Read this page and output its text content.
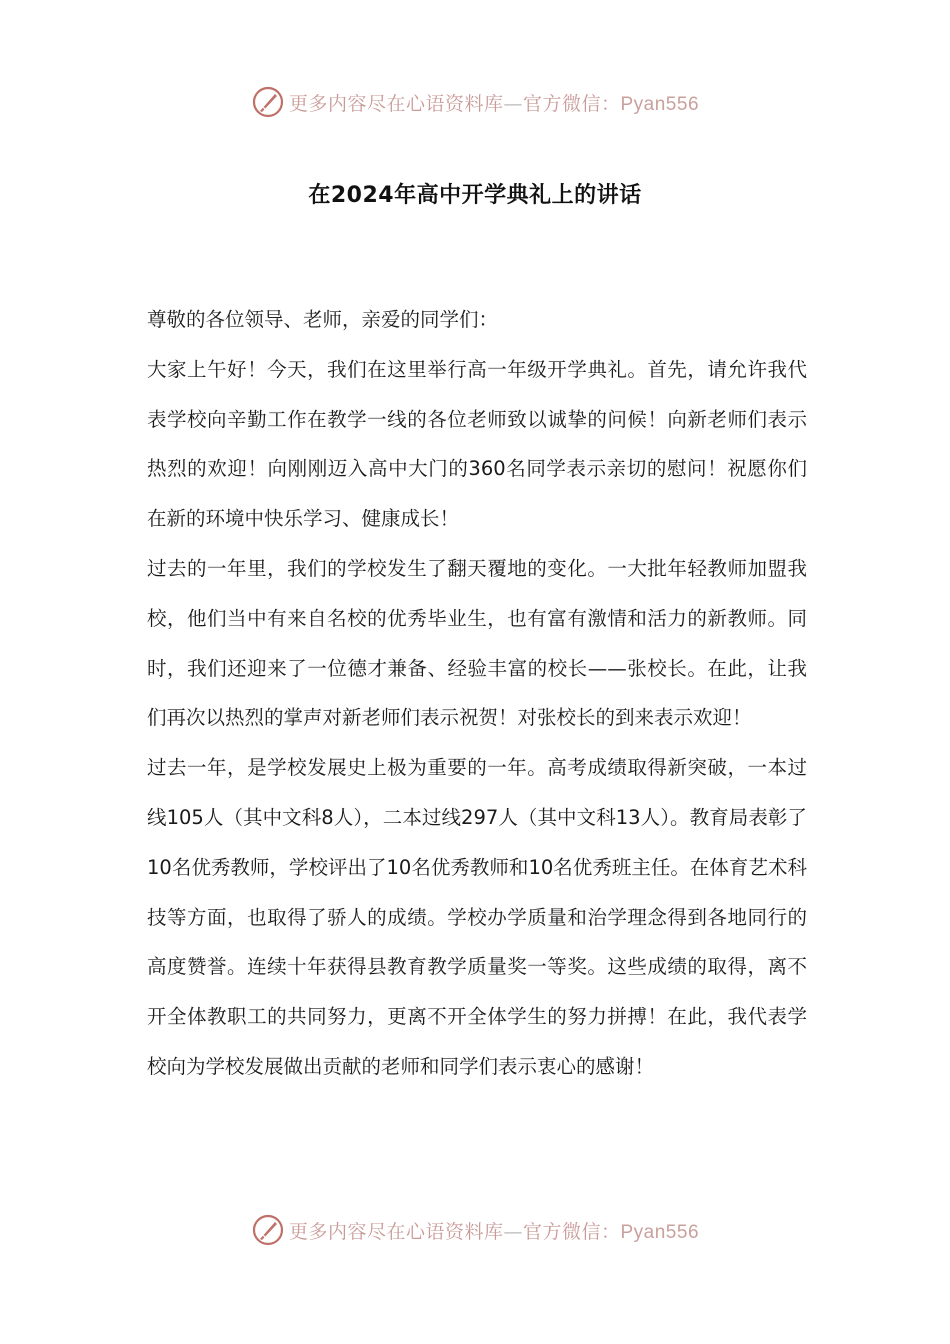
更多内容尽在心语资料库—官方微信：Pyan556
在2024年高中开学典礼上的讲话

尊敬的各位领导、老师，亲爱的同学们：

大家上午好！今天，我们在这里举行高一年级开学典礼。首先，请允许我代表学校向辛勤工作在教学一线的各位老师致以诚挚的问候！向新老师们表示热烈的欢迎！向刚刚迈入高中大门的360名同学表示亲切的慰问！祝愿你们在新的环境中快乐学习、健康成长！

过去的一年里，我们的学校发生了翻天覆地的变化。一大批年轻教师加盟我校，他们当中有来自名校的优秀毕业生，也有富有激情和活力的新教师。同时，我们还迎来了一位德才兼备、经验丰富的校长——张校长。在此，让我们再次以热烈的掌声对新老师们表示祝贺！对张校长的到来表示欢迎！

过去一年，是学校发展史上极为重要的一年。高考成绩取得新突破，一本过线105人（其中文科8人），二本过线297人（其中文科13人）。教育局表彰了10名优秀教师，学校评出了10名优秀教师和10名优秀班主任。在体育艺术科技等方面，也取得了骄人的成绩。学校办学质量和治学理念得到各地同行的高度赞誉。连续十年获得县教育教学质量奖一等奖。这些成绩的取得，离不开全体教职工的共同努力，更离不开全体学生的努力拼搏！在此，我代表学校向为学校发展做出贡献的老师和同学们表示衷心的感谢！

更多内容尽在心语资料库—官方微信：Pyan556
